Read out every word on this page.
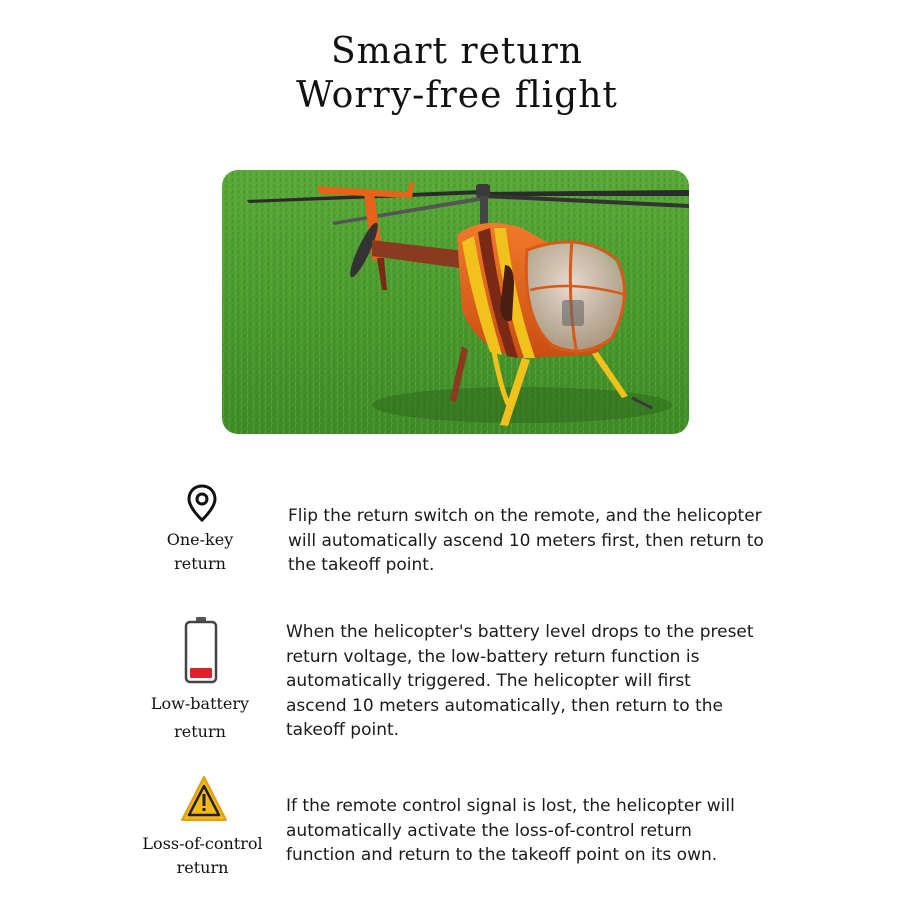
Smart return
Worry-free flight
One-key
return
Flip the return switch on the remote, and the helicopter will automatically ascend 10 meters first, then return to the takeoff point.
Low-battery
return
When the helicopter's battery level drops to the preset return voltage, the low-battery return function is automatically triggered. The helicopter will first ascend 10 meters automatically, then return to the takeoff point.
Loss-of-control
return
If the remote control signal is lost, the helicopter will automatically activate the loss-of-control return function and return to the takeoff point on its own.
